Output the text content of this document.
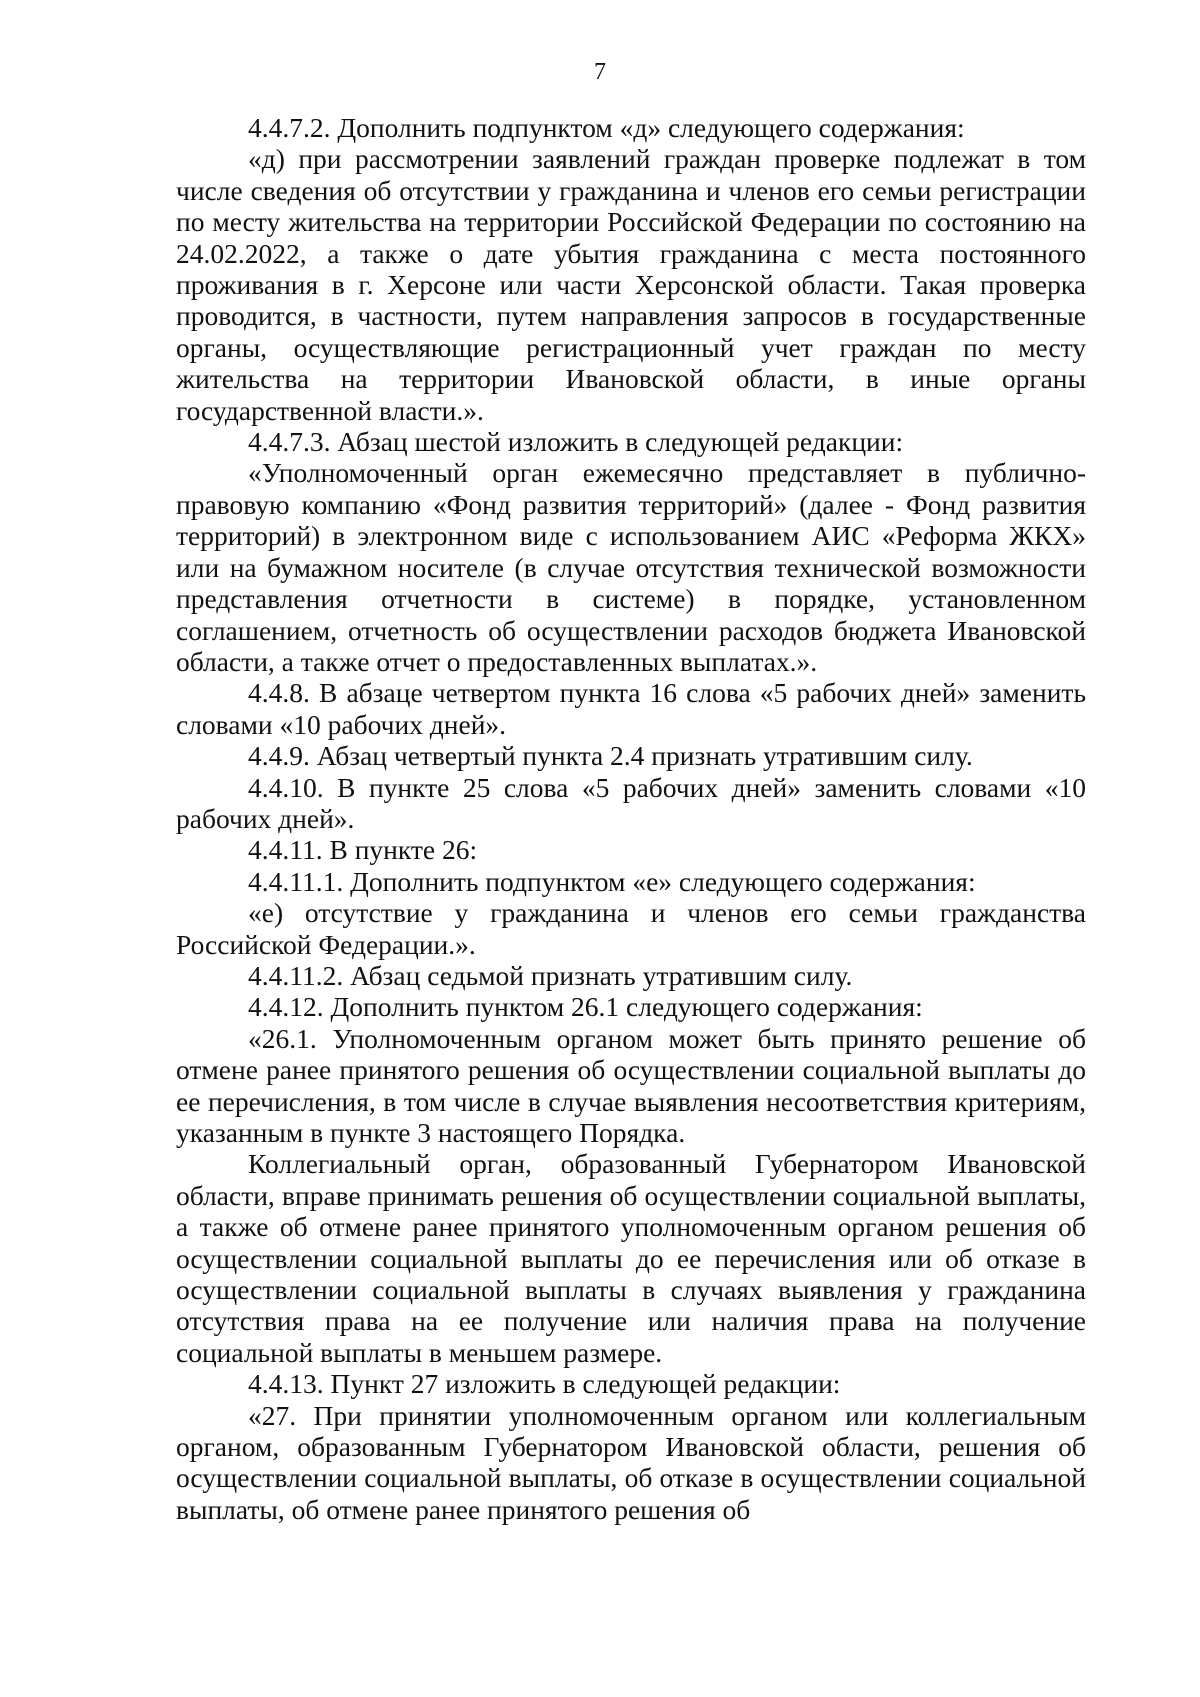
7

4.4.7.2. Дополнить подпунктом «д» следующего содержания:

«д) при рассмотрении заявлений граждан проверке подлежат в том числе сведения об отсутствии у гражданина и членов его семьи регистрации по месту жительства на территории Российской Федерации по состоянию на 24.02.2022, а также о дате убытия гражданина с места постоянного проживания в г. Херсоне или части Херсонской области. Такая проверка проводится, в частности, путем направления запросов в государственные органы, осуществляющие регистрационный учет граждан по месту жительства на территории Ивановской области, в иные органы государственной власти.».

4.4.7.3. Абзац шестой изложить в следующей редакции:

«Уполномоченный орган ежемесячно представляет в публично-правовую компанию «Фонд развития территорий» (далее - Фонд развития территорий) в электронном виде с использованием АИС «Реформа ЖКХ» или на бумажном носителе (в случае отсутствия технической возможности представления отчетности в системе) в порядке, установленном соглашением, отчетность об осуществлении расходов бюджета Ивановской области, а также отчет о предоставленных выплатах.».

4.4.8. В абзаце четвертом пункта 16 слова «5 рабочих дней» заменить словами «10 рабочих дней».

4.4.9. Абзац четвертый пункта 2.4 признать утратившим силу.

4.4.10. В пункте 25 слова «5 рабочих дней» заменить словами «10 рабочих дней».

4.4.11. В пункте 26:

4.4.11.1. Дополнить подпунктом «е» следующего содержания:

«е) отсутствие у гражданина и членов его семьи гражданства Российской Федерации.».

4.4.11.2. Абзац седьмой признать утратившим силу.

4.4.12. Дополнить пунктом 26.1 следующего содержания:

«26.1. Уполномоченным органом может быть принято решение об отмене ранее принятого решения об осуществлении социальной выплаты до ее перечисления, в том числе в случае выявления несоответствия критериям, указанным в пункте 3 настоящего Порядка.

Коллегиальный орган, образованный Губернатором Ивановской области, вправе принимать решения об осуществлении социальной выплаты, а также об отмене ранее принятого уполномоченным органом решения об осуществлении социальной выплаты до ее перечисления или об отказе в осуществлении социальной выплаты в случаях выявления у гражданина отсутствия права на ее получение или наличия права на получение социальной выплаты в меньшем размере.

4.4.13. Пункт 27 изложить в следующей редакции:

«27. При принятии уполномоченным органом или коллегиальным органом, образованным Губернатором Ивановской области, решения об осуществлении социальной выплаты, об отказе в осуществлении социальной выплаты, об отмене ранее принятого решения об
